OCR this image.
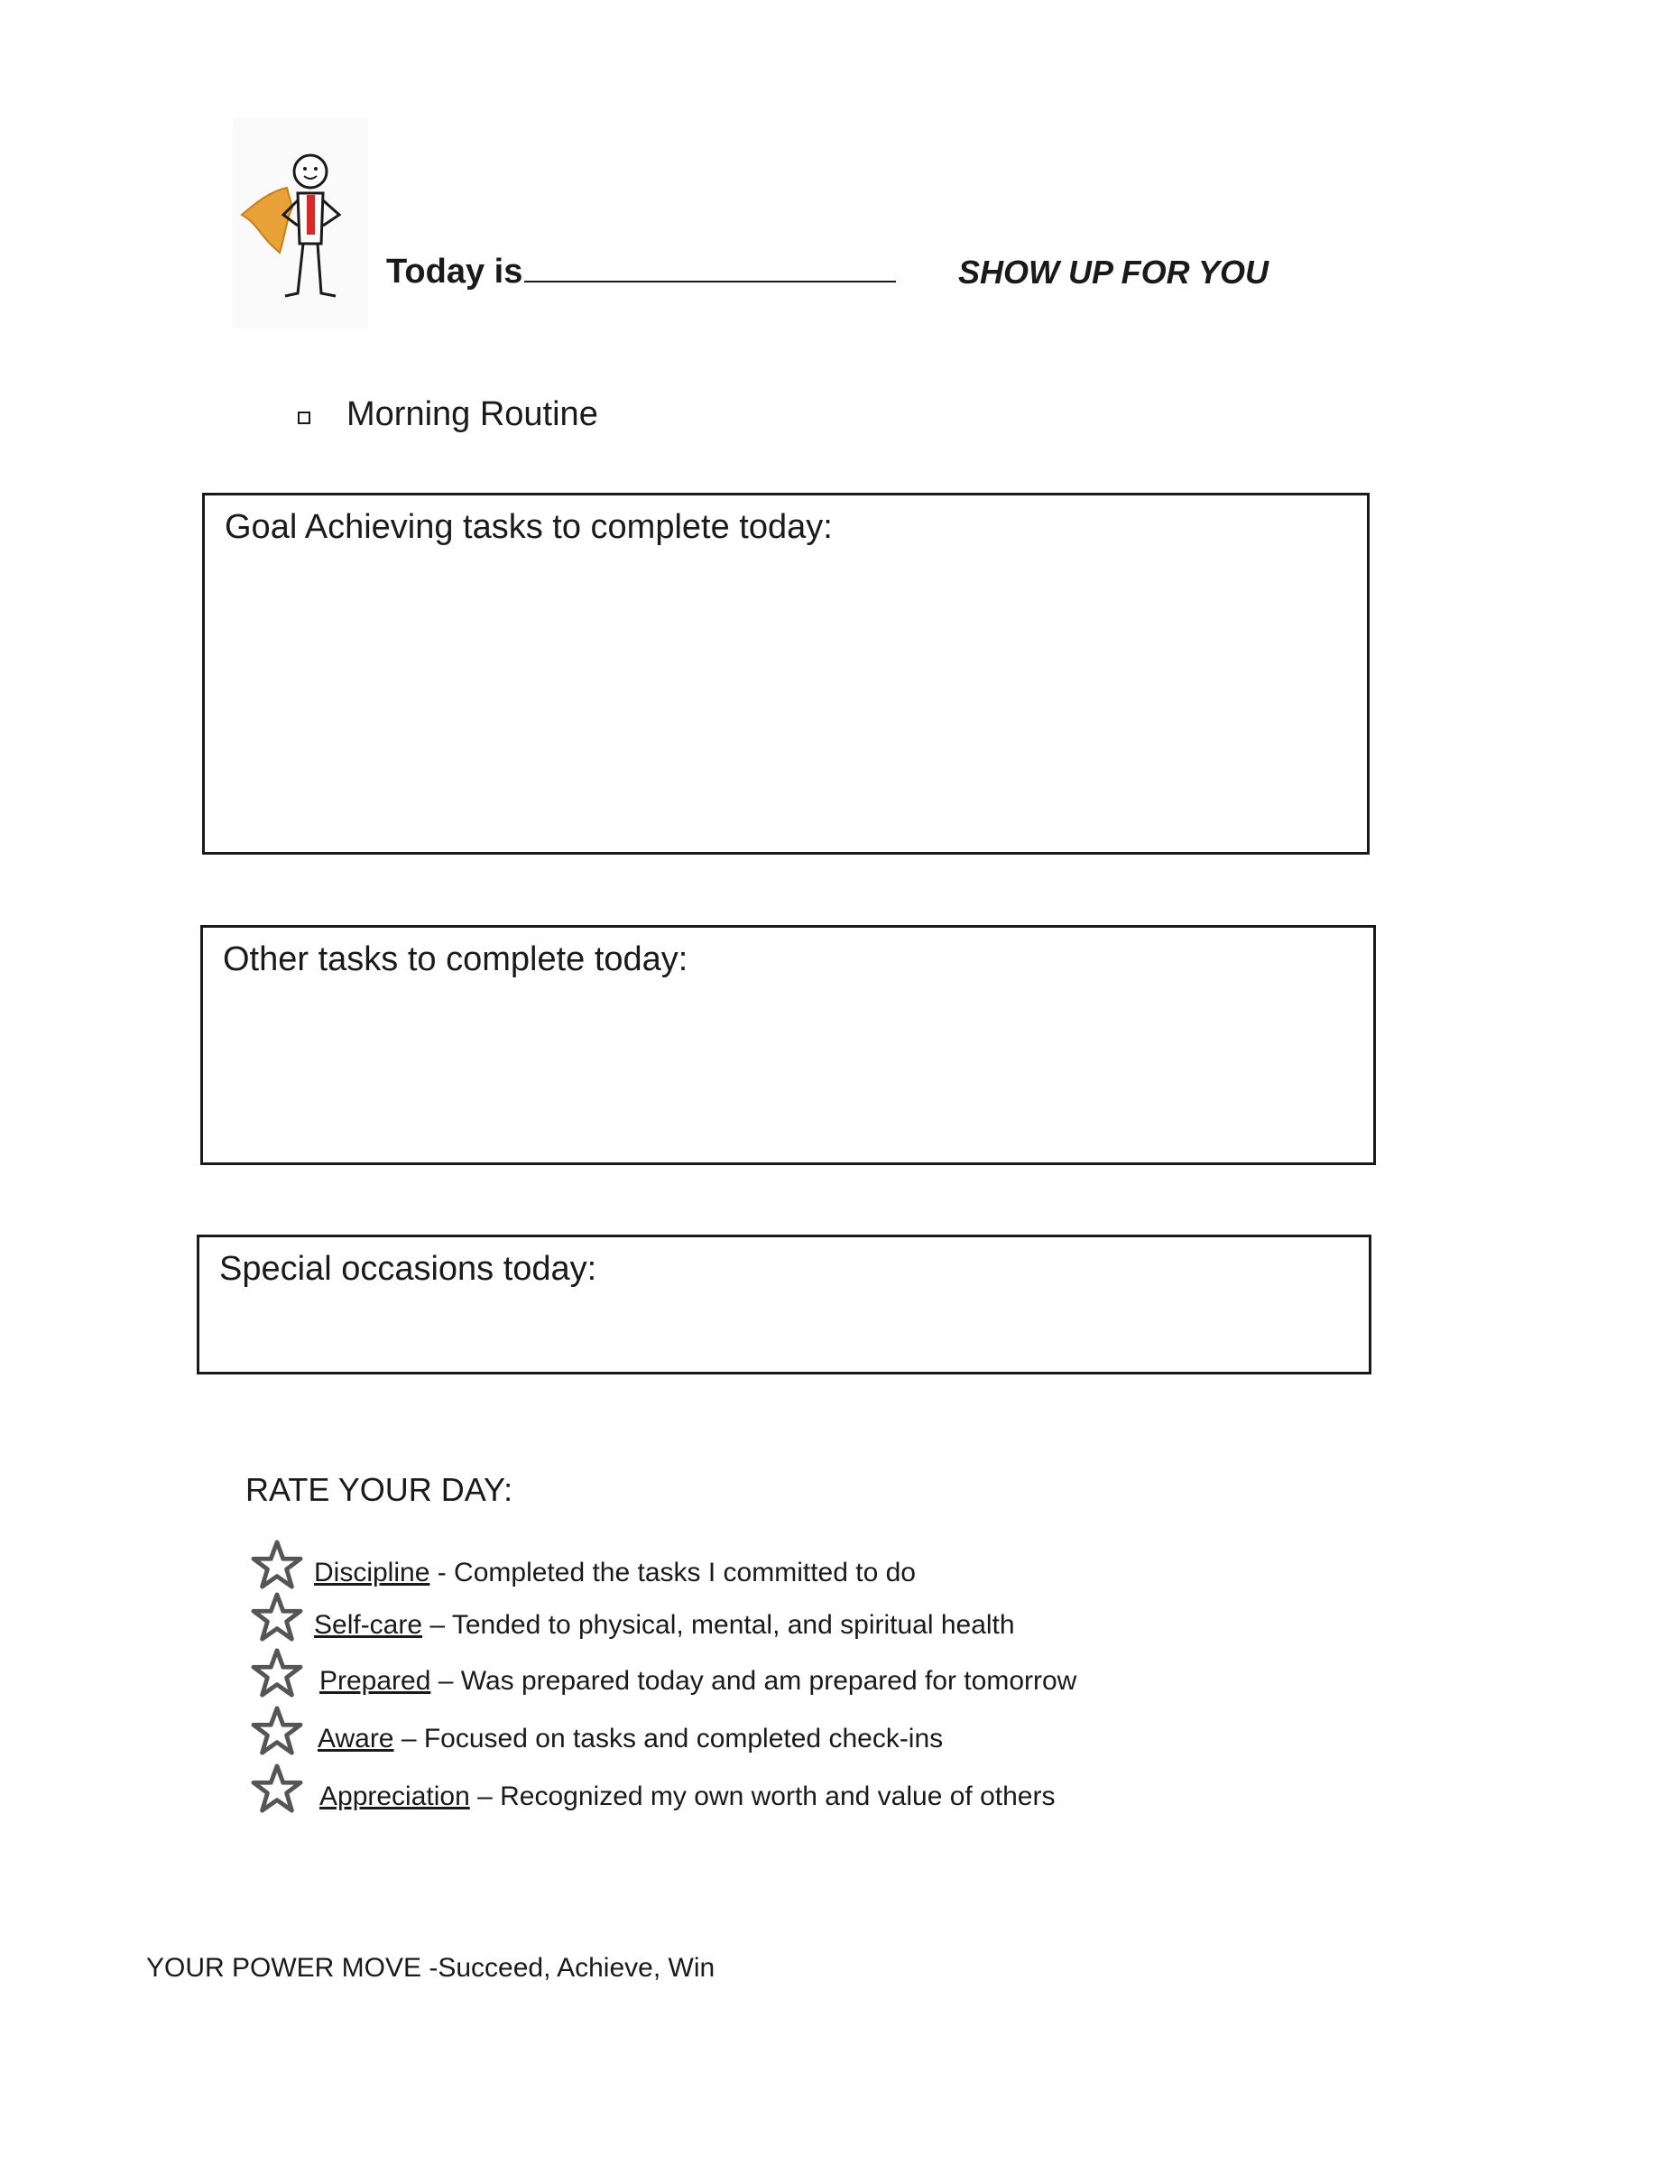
Today is	SHOW UP FOR YOU
Morning Routine
Goal Achieving tasks to complete today:
Other tasks to complete today:
Special occasions today:
RATE YOUR DAY:
Discipline - Completed the tasks I committed to do
Self-care – Tended to physical, mental, and spiritual health
Prepared – Was prepared today and am prepared for tomorrow
Aware – Focused on tasks and completed check-ins
Appreciation – Recognized my own worth and value of others
YOUR POWER MOVE -Succeed, Achieve, Win
